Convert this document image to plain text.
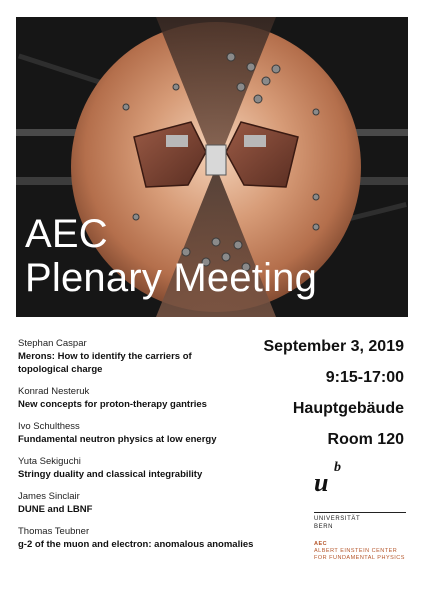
AEC
Plenary Meeting
Stephan Caspar
Merons: How to identify the carriers of
topological charge
Konrad Nesteruk
New concepts for proton-therapy gantries
Ivo Schulthess
Fundamental neutron physics at low energy
Yuta Sekiguchi
Stringy duality and classical integrability
James Sinclair
DUNE and LBNF
Thomas Teubner
g-2 of the muon and electron: anomalous anomalies
September 3, 2019
9:15-17:00
Hauptgebäude
Room 120
u
b
UNIVERSITÄT
BERN
AEC
ALBERT EINSTEIN CENTER
FOR FUNDAMENTAL PHYSICS
